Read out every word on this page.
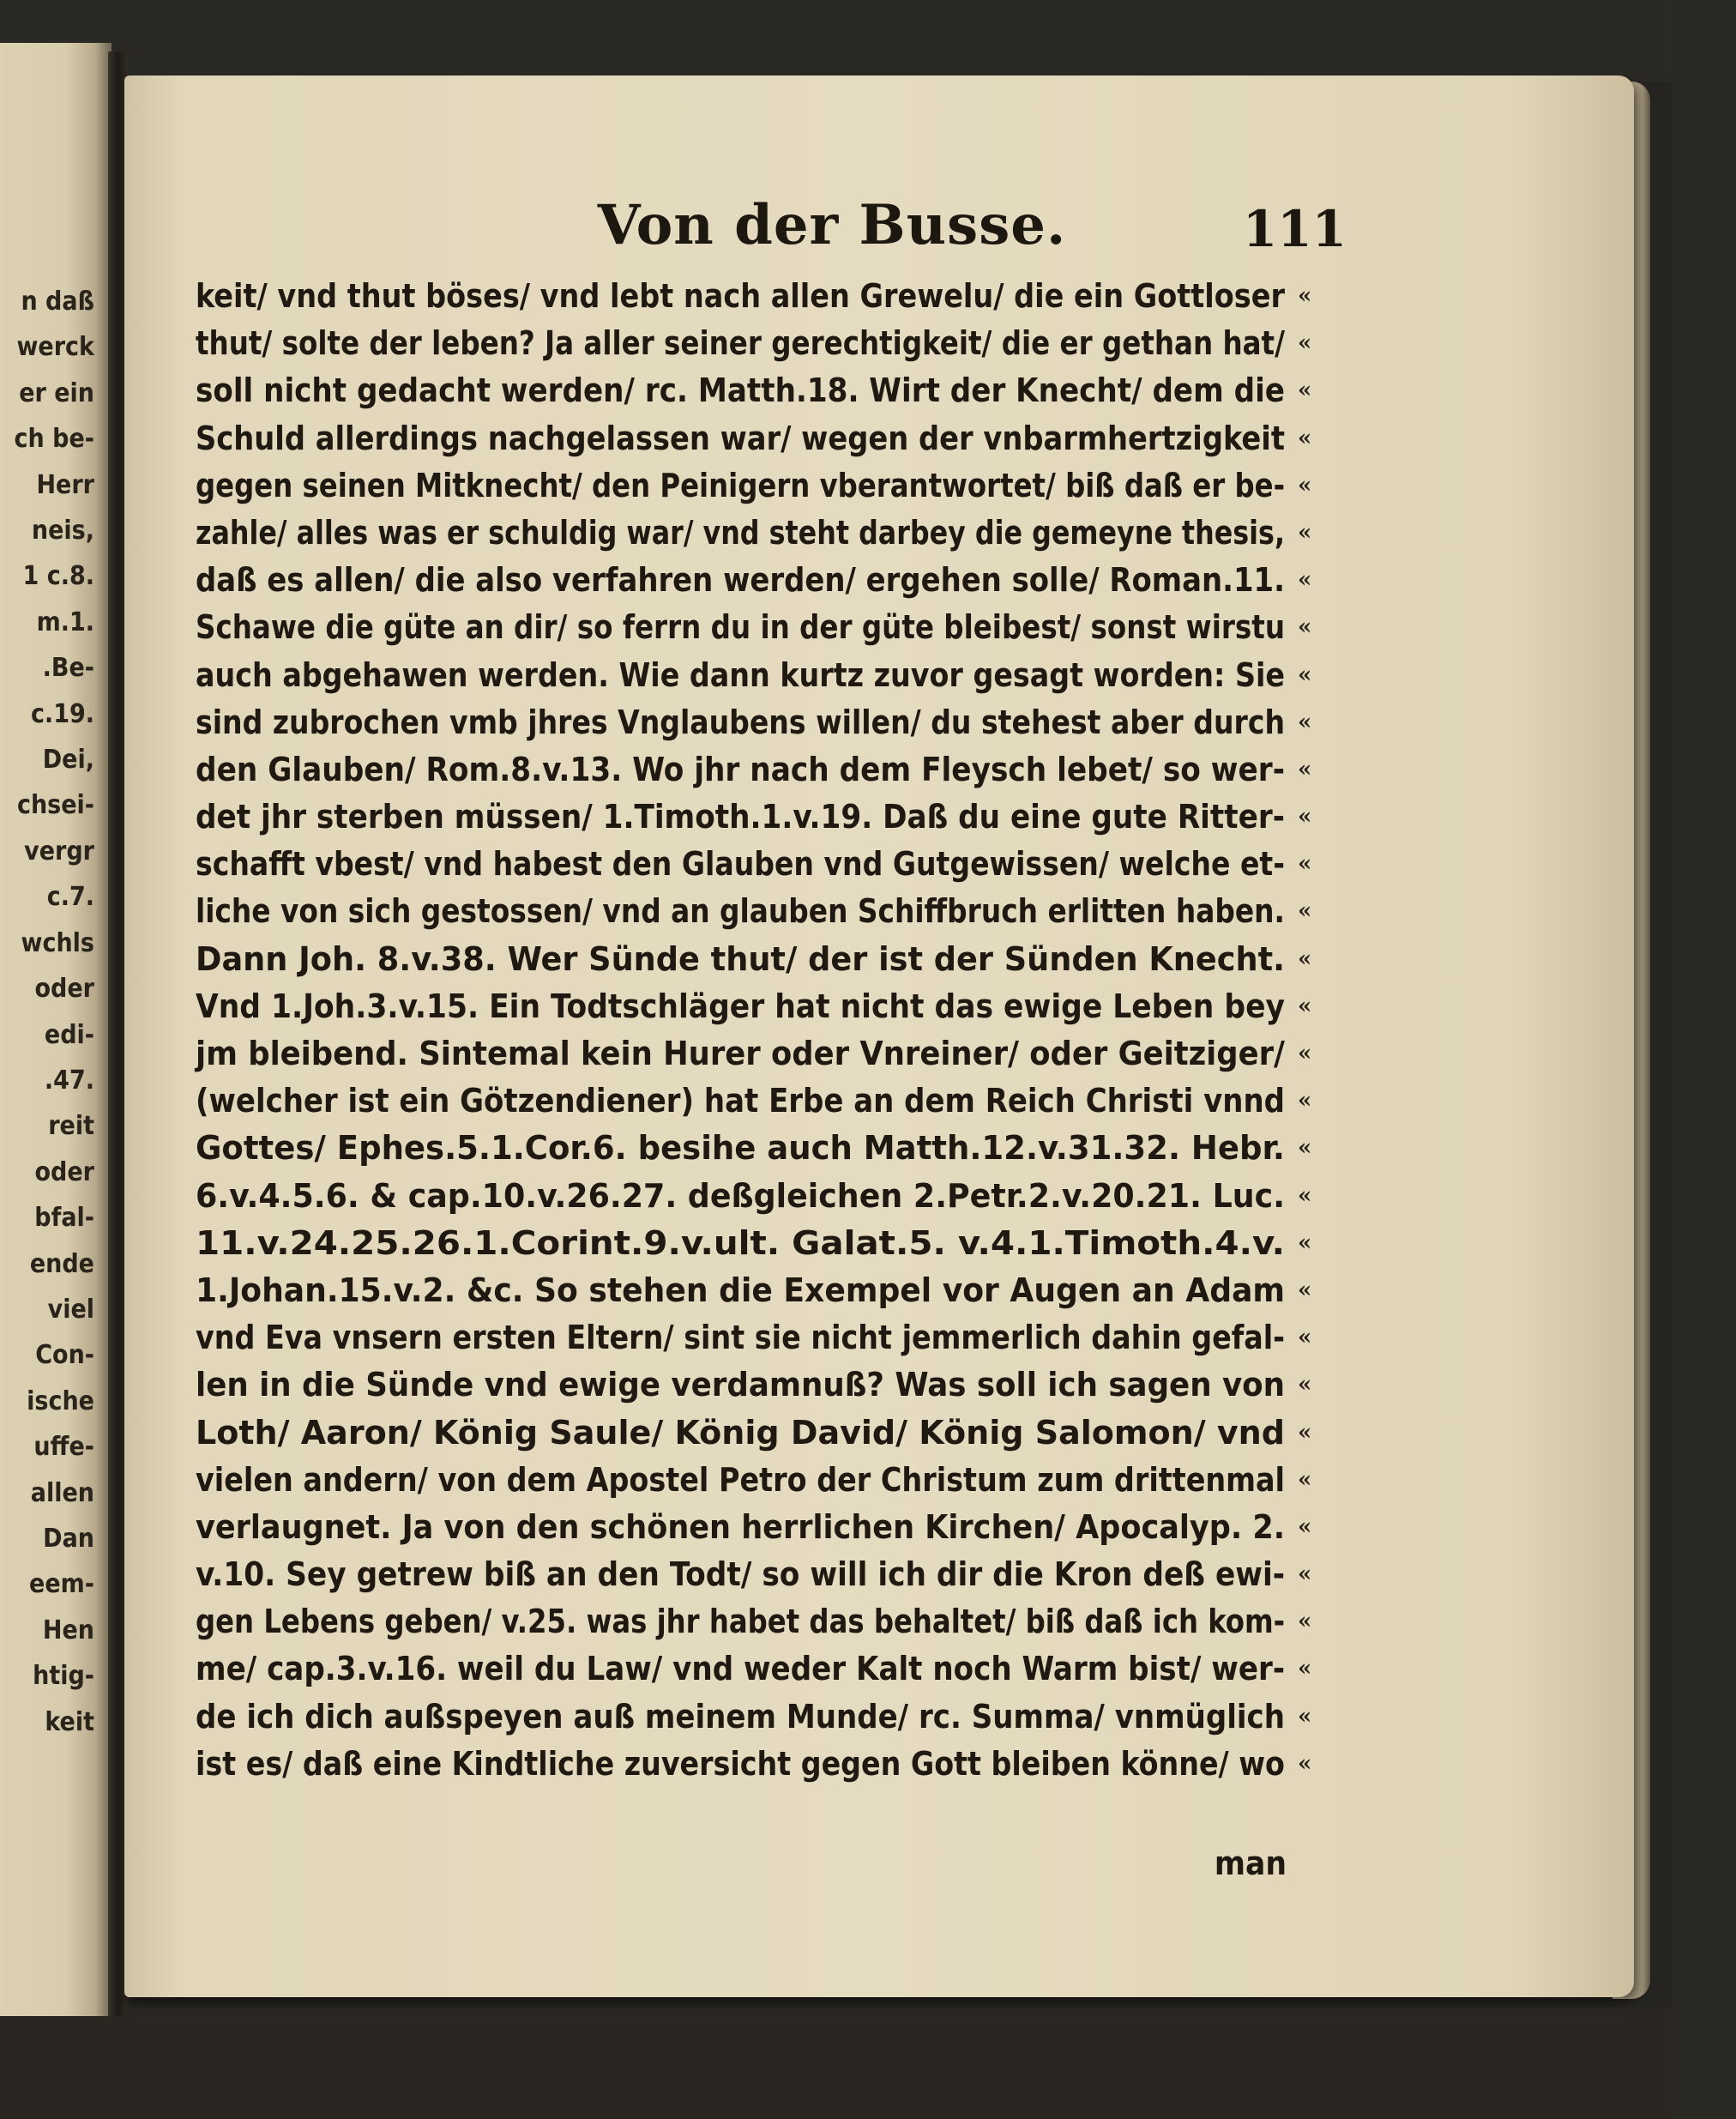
n daß
werck
er ein
ch be-
Herr
neis,
1 c.8.
m.1.
.Be-
c.19.
Dei,
chsei-
vergr
c.7.
wchls
oder
edi-
.47.
reit
oder
bfal-
ende
viel
Con-
ische
uffe-
allen
Dan
eem-
Hen
htig-
keit
Von der Busse.	111
keit/ vnd thut böses/ vnd lebt nach allen Grewelu/ die ein Gottloser «
thut/ solte der leben? Ja aller seiner gerechtigkeit/ die er gethan hat/ «
soll nicht gedacht werden/ rc. Matth.18. Wirt der Knecht/ dem die «
Schuld allerdings nachgelassen war/ wegen der vnbarmhertzigkeit «
gegen seinen Mitknecht/ den Peinigern vberantwortet/ biß daß er be- «
zahle/ alles was er schuldig war/ vnd steht darbey die gemeyne thesis, «
daß es allen/ die also verfahren werden/ ergehen solle/ Roman.11. «
Schawe die güte an dir/ so ferrn du in der güte bleibest/ sonst wirstu «
auch abgehawen werden. Wie dann kurtz zuvor gesagt worden: Sie «
sind zubrochen vmb jhres Vnglaubens willen/ du stehest aber durch «
den Glauben/ Rom.8.v.13. Wo jhr nach dem Fleysch lebet/ so wer- «
det jhr sterben müssen/ 1.Timoth.1.v.19. Daß du eine gute Ritter- «
schafft vbest/ vnd habest den Glauben vnd Gutgewissen/ welche et- «
liche von sich gestossen/ vnd an glauben Schiffbruch erlitten haben. «
Dann Joh. 8.v.38. Wer Sünde thut/ der ist der Sünden Knecht. «
Vnd 1.Joh.3.v.15. Ein Todtschläger hat nicht das ewige Leben bey «
jm bleibend. Sintemal kein Hurer oder Vnreiner/ oder Geitziger/ «
(welcher ist ein Götzendiener) hat Erbe an dem Reich Christi vnnd «
Gottes/ Ephes.5.1.Cor.6. besihe auch Matth.12.v.31.32. Hebr. «
6.v.4.5.6. & cap.10.v.26.27. deßgleichen 2.Petr.2.v.20.21. Luc. «
11.v.24.25.26.1.Corint.9.v.ult. Galat.5. v.4.1.Timoth.4.v. «
1.Johan.15.v.2. &c. So stehen die Exempel vor Augen an Adam «
vnd Eva vnsern ersten Eltern/ sint sie nicht jemmerlich dahin gefal- «
len in die Sünde vnd ewige verdamnuß? Was soll ich sagen von «
Loth/ Aaron/ König Saule/ König David/ König Salomon/ vnd «
vielen andern/ von dem Apostel Petro der Christum zum drittenmal «
verlaugnet. Ja von den schönen herrlichen Kirchen/ Apocalyp. 2. «
v.10. Sey getrew biß an den Todt/ so will ich dir die Kron deß ewi- «
gen Lebens geben/ v.25. was jhr habet das behaltet/ biß daß ich kom- «
me/ cap.3.v.16. weil du Law/ vnd weder Kalt noch Warm bist/ wer- «
de ich dich außspeyen auß meinem Munde/ rc. Summa/ vnmüglich «
ist es/ daß eine Kindtliche zuversicht gegen Gott bleiben könne/ wo «
man
